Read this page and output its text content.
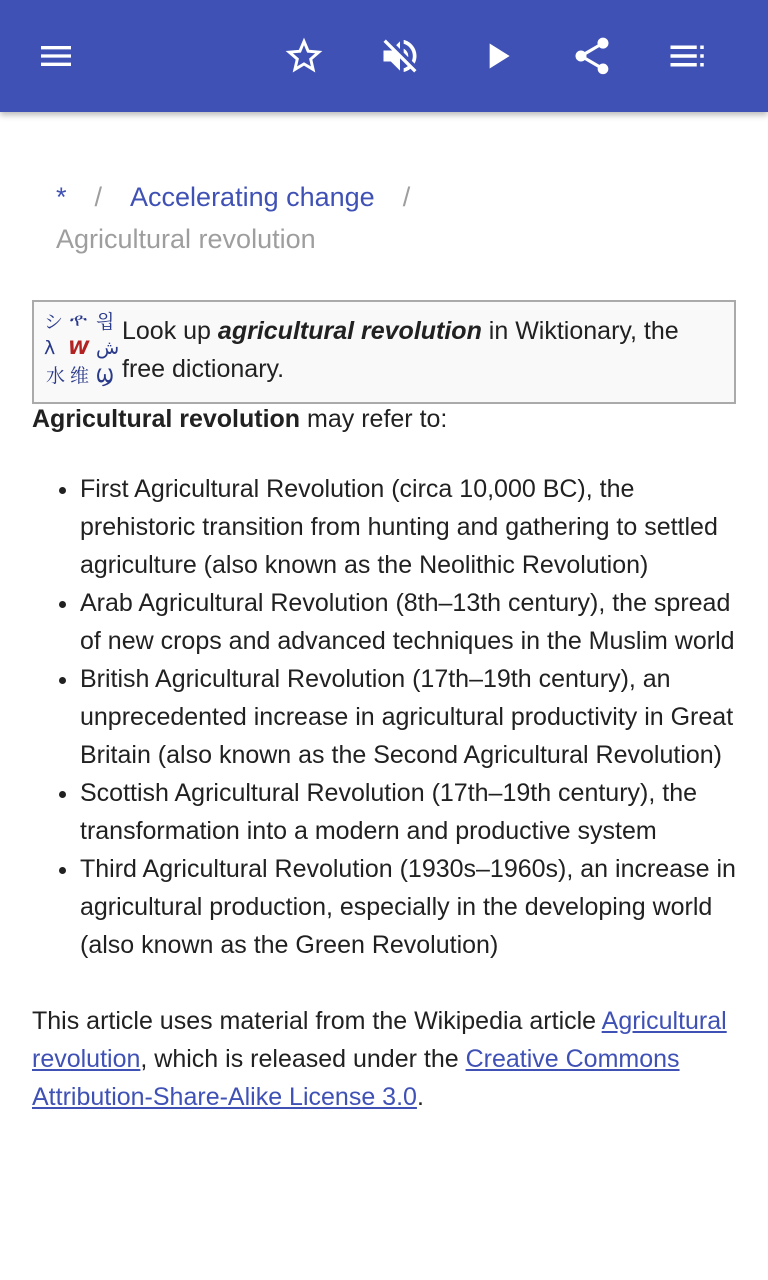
* / Accelerating change /
Agricultural revolution
シ ዯ 읩
λ W ش
水 维 Ϣ
Look up agricultural revolution in Wiktionary, the free dictionary.

Agricultural revolution may refer to:

• First Agricultural Revolution (circa 10,000 BC), the prehistoric transition from hunting and gathering to settled agriculture (also known as the Neolithic Revolution)
• Arab Agricultural Revolution (8th–13th century), the spread of new crops and advanced techniques in the Muslim world
• British Agricultural Revolution (17th–19th century), an unprecedented increase in agricultural productivity in Great Britain (also known as the Second Agricultural Revolution)
• Scottish Agricultural Revolution (17th–19th century), the transformation into a modern and productive system
• Third Agricultural Revolution (1930s–1960s), an increase in agricultural production, especially in the developing world (also known as the Green Revolution)

This article uses material from the Wikipedia article Agricultural revolution, which is released under the Creative Commons Attribution-Share-Alike License 3.0.
